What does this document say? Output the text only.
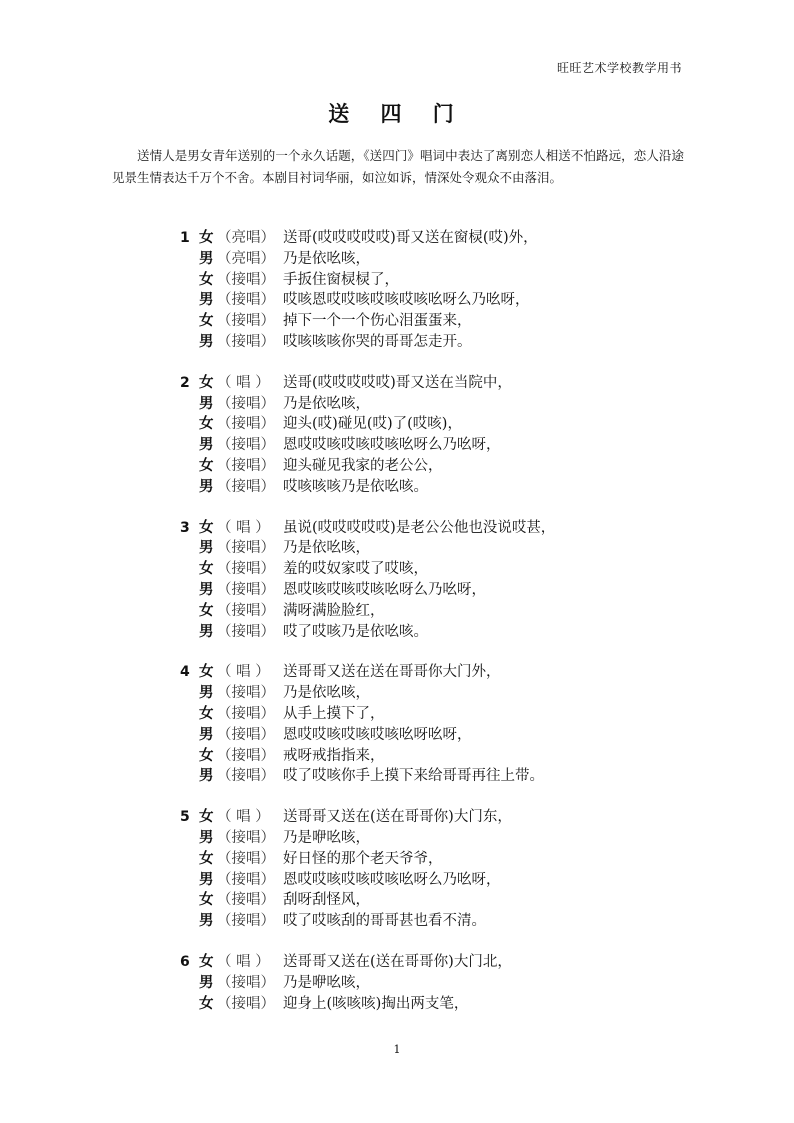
旺旺艺术学校教学用书
送 四 门

送情人是男女青年送别的一个永久话题，《送四门》唱词中表达了离别恋人相送不怕路远，恋人沿途见景生情表达千万个不舍。本剧目衬词华丽，如泣如诉，情深处令观众不由落泪。

1 女 （亮唱） 送哥(哎哎哎哎哎)哥又送在窗棂(哎)外，
男 （亮唱） 乃是依吆咳，
女 （接唱） 手扳住窗棂棂了，
男 （接唱） 哎咳恩哎哎咳哎咳哎咳吆呀么乃吆呀，
女 （接唱） 掉下一个一个伤心泪蛋蛋来，
男 （接唱） 哎咳咳咳你哭的哥哥怎走开。
2 女 （ 唱 ） 送哥(哎哎哎哎哎)哥又送在当院中，
男 （接唱） 乃是依吆咳，
女 （接唱） 迎头(哎)碰见(哎)了(哎咳)，
男 （接唱） 恩哎哎咳哎咳哎咳吆呀么乃吆呀，
女 （接唱） 迎头碰见我家的老公公，
男 （接唱） 哎咳咳咳乃是依吆咳。
3 女 （ 唱 ） 虽说(哎哎哎哎哎)是老公公他也没说哎甚，
男 （接唱） 乃是依吆咳，
女 （接唱） 羞的哎奴家哎了哎咳，
男 （接唱） 恩哎咳哎咳哎咳吆呀么乃吆呀，
女 （接唱） 满呀满脸脸红，
男 （接唱） 哎了哎咳乃是依吆咳。
4 女 （ 唱 ） 送哥哥又送在送在哥哥你大门外，
男 （接唱） 乃是依吆咳，
女 （接唱） 从手上摸下了，
男 （接唱） 恩哎哎咳哎咳哎咳吆呀吆呀，
女 （接唱） 戒呀戒指指来，
男 （接唱） 哎了哎咳你手上摸下来给哥哥再往上带。
5 女 （ 唱 ） 送哥哥又送在(送在哥哥你)大门东，
男 （接唱） 乃是咿吆咳，
女 （接唱） 好日怪的那个老天爷爷，
男 （接唱） 恩哎哎咳哎咳哎咳吆呀么乃吆呀，
女 （接唱） 刮呀刮怪风，
男 （接唱） 哎了哎咳刮的哥哥甚也看不清。
6 女 （ 唱 ） 送哥哥又送在(送在哥哥你)大门北，
男 （接唱） 乃是咿吆咳，
女 （接唱） 迎身上(咳咳咳)掏出两支笔，
1
